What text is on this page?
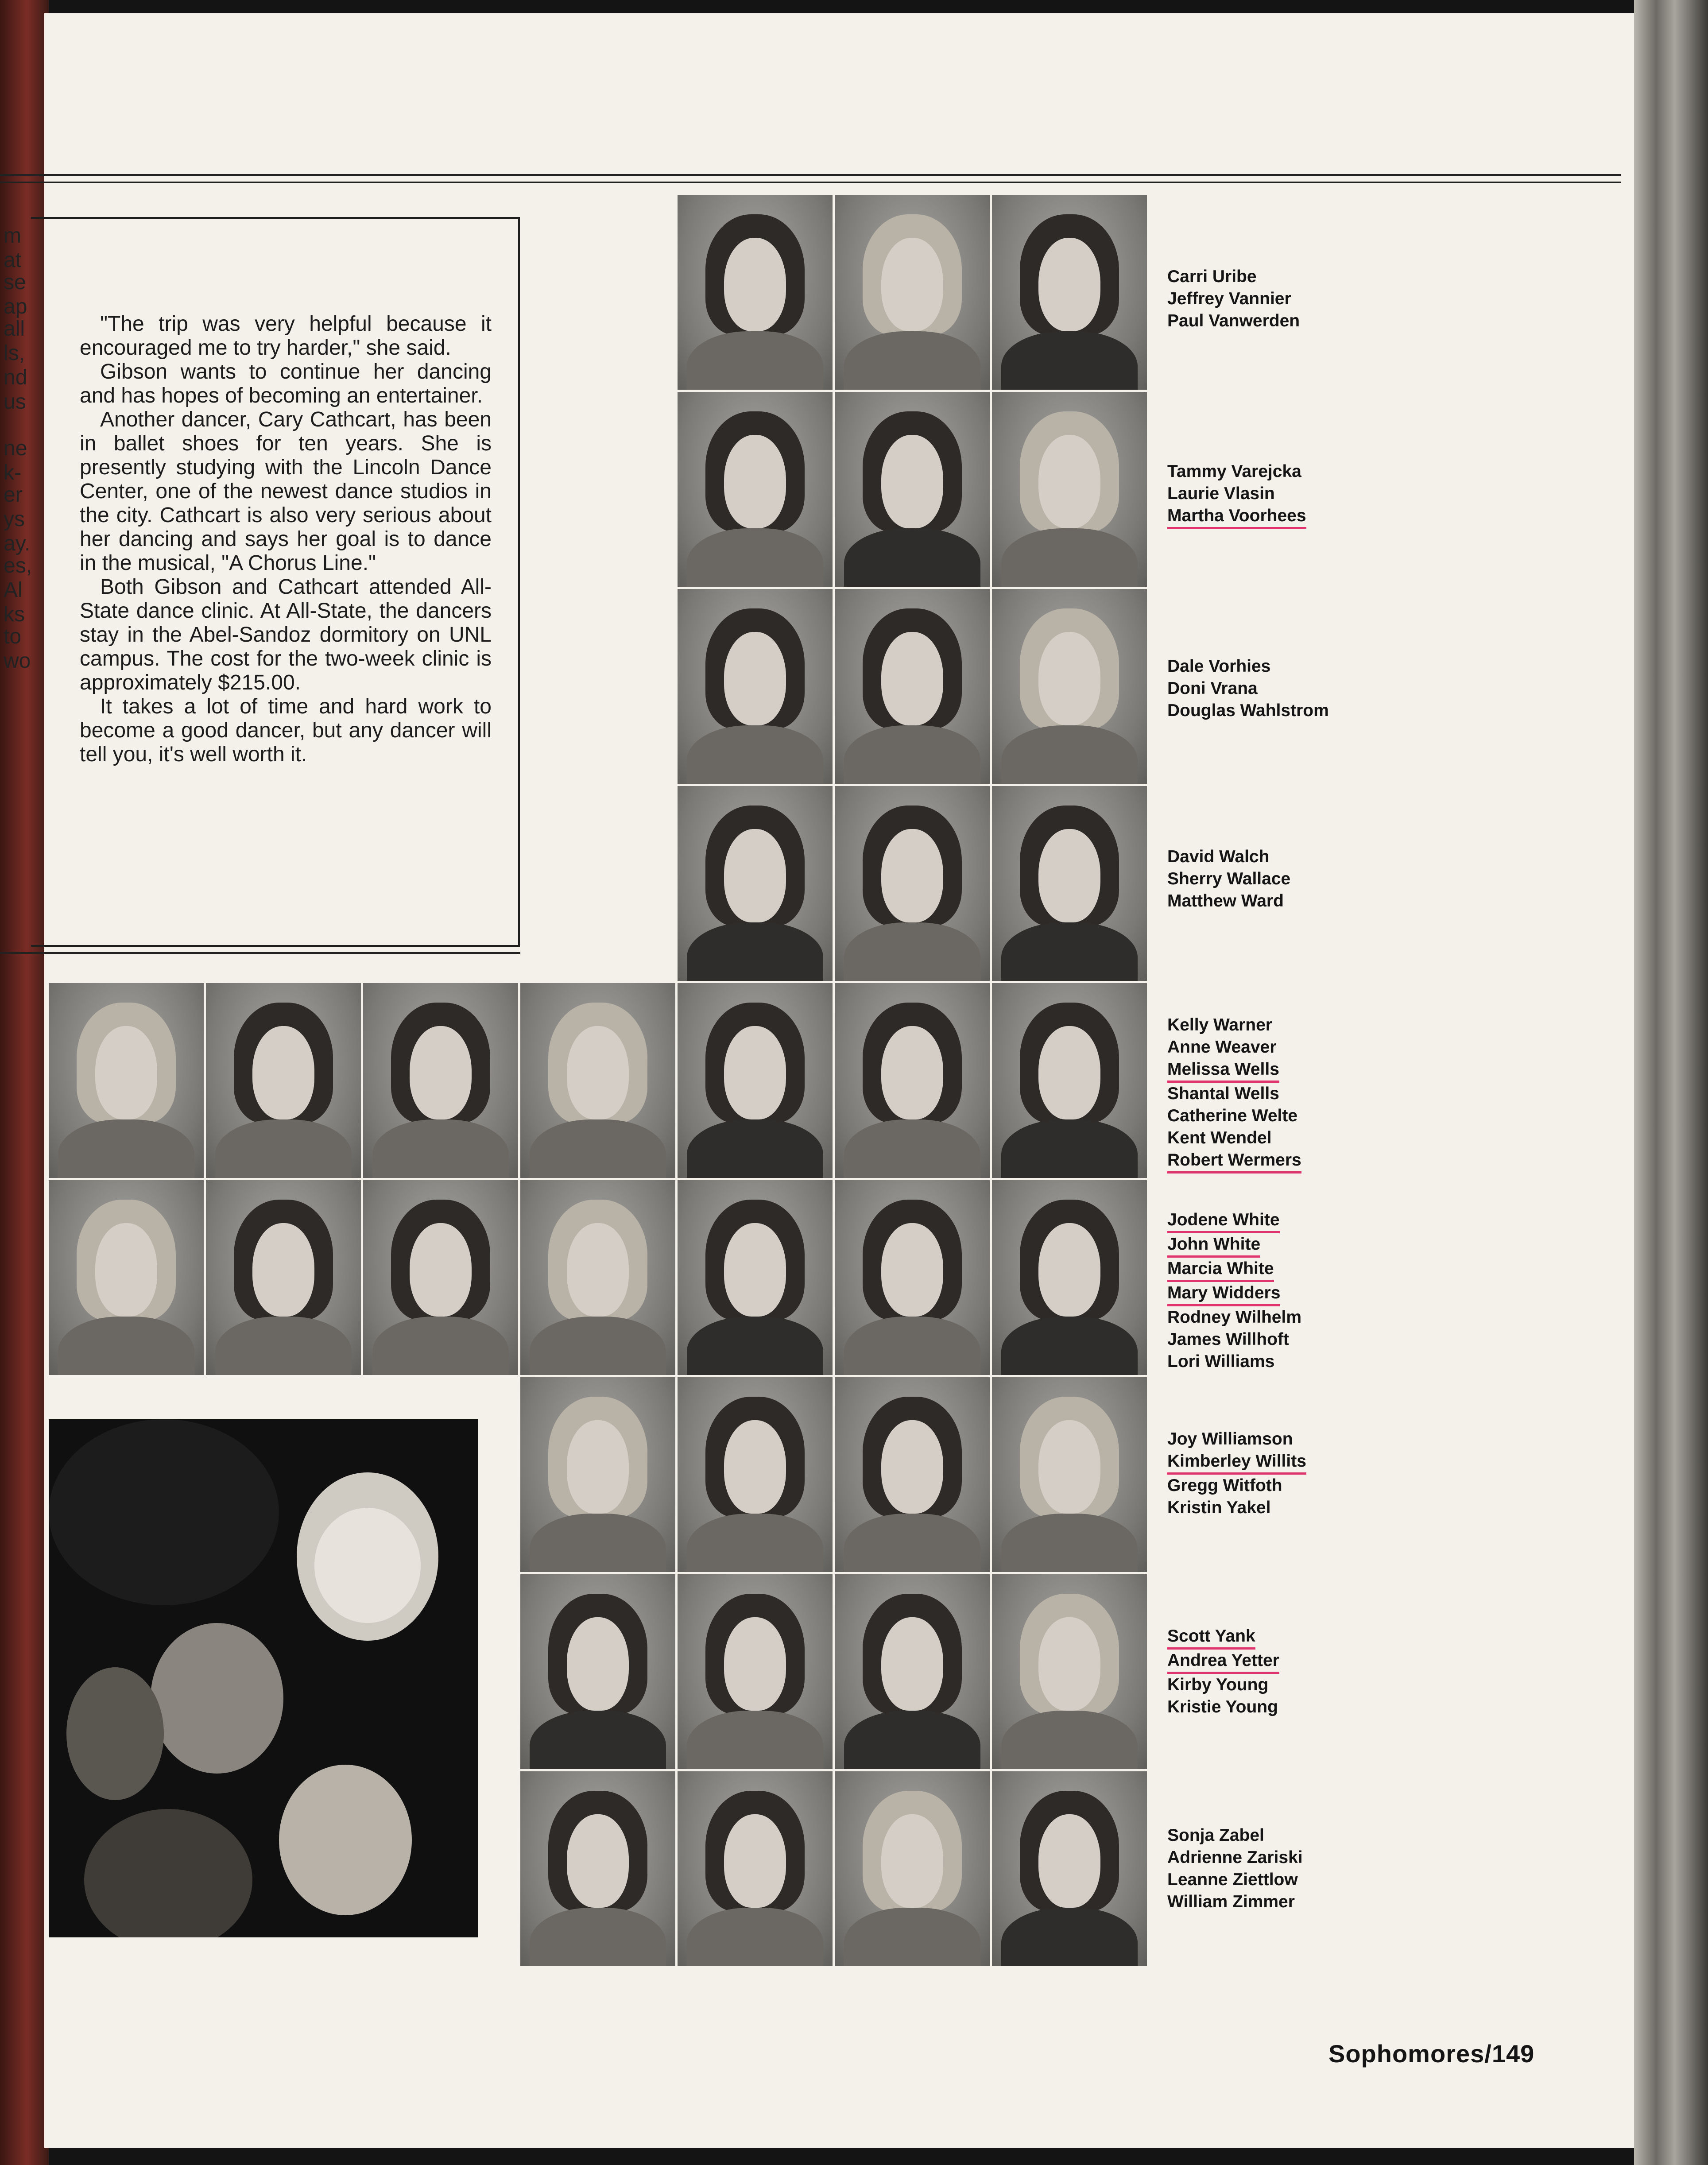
m
at
se
ap
all
ls,
nd
us
ne
k-
er
ys
ay.
es,
Al
ks
to
wo

"The trip was very helpful because it encouraged me to try harder," she said.

Gibson wants to continue her dancing and has hopes of becoming an entertainer.

Another dancer, Cary Cathcart, has been in ballet shoes for ten years. She is presently studying with the Lincoln Dance Center, one of the newest dance studios in the city. Cathcart is also very serious about her dancing and says her goal is to dance in the musical, "A Chorus Line."

Both Gibson and Cathcart attended All-State dance clinic. At All-State, the dancers stay in the Abel-Sandoz dormitory on UNL campus. The cost for the two-week clinic is approximately $215.00.

It takes a lot of time and hard work to become a good dancer, but any dancer will tell you, it's well worth it.

Carri Uribe
Jeffrey Vannier
Paul Vanwerden
Tammy Varejcka
Laurie Vlasin
Martha Voorhees
Dale Vorhies
Doni Vrana
Douglas Wahlstrom
David Walch
Sherry Wallace
Matthew Ward
Kelly Warner
Anne Weaver
Melissa Wells
Shantal Wells
Catherine Welte
Kent Wendel
Robert Wermers
Jodene White
John White
Marcia White
Mary Widders
Rodney Wilhelm
James Willhoft
Lori Williams
Joy Williamson
Kimberley Willits
Gregg Witfoth
Kristin Yakel
Scott Yank
Andrea Yetter
Kirby Young
Kristie Young
Sonja Zabel
Adrienne Zariski
Leanne Ziettlow
William Zimmer
Sophomores/149
